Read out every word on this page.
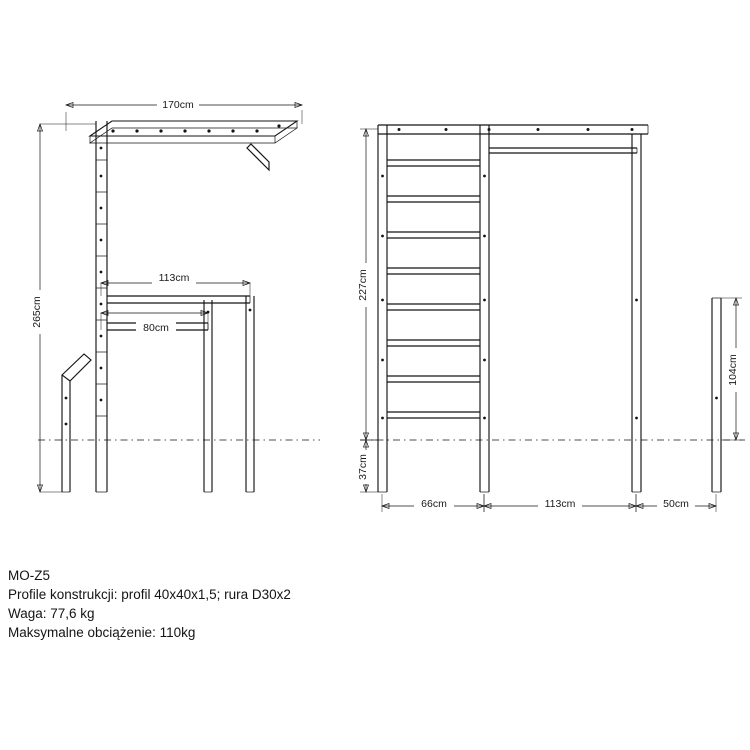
170cm
113cm
80cm
265cm
227cm
37cm
104cm
66cm	113cm	50cm
MO-Z5
Profile konstrukcji: profil 40x40x1,5; rura D30x2
Waga: 77,6 kg
Maksymalne obciążenie: 110kg
